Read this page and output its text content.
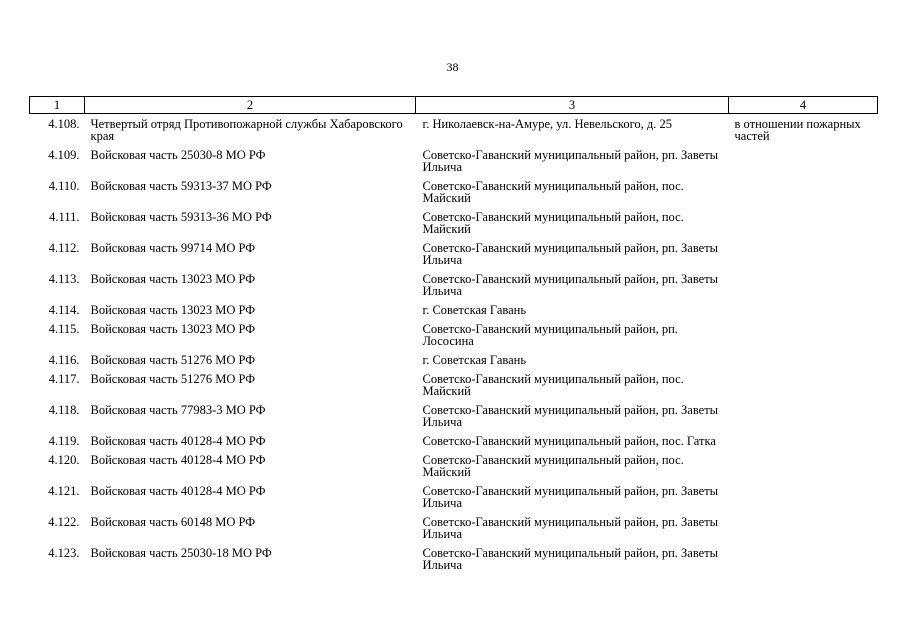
38
1	2	3	4
4.108.	Четвертый отряд Противопожарной службы Хабаровского края	г. Николаевск-на-Амуре, ул. Невельского, д. 25	в отношении пожарных частей
4.109.	Войсковая часть 25030-8 МО РФ	Советско-Гаванский муниципальный район, рп. Заветы Ильича	
4.110.	Войсковая часть 59313-37 МО РФ	Советско-Гаванский муниципальный район, пос. Майский	
4.111.	Войсковая часть 59313-36 МО РФ	Советско-Гаванский муниципальный район, пос. Майский	
4.112.	Войсковая часть 99714 МО РФ	Советско-Гаванский муниципальный район, рп. Заветы Ильича	
4.113.	Войсковая часть 13023 МО РФ	Советско-Гаванский муниципальный район, рп. Заветы Ильича	
4.114.	Войсковая часть 13023 МО РФ	г. Советская Гавань	
4.115.	Войсковая часть 13023 МО РФ	Советско-Гаванский муниципальный район, рп. Лососина	
4.116.	Войсковая часть 51276 МО РФ	г. Советская Гавань	
4.117.	Войсковая часть 51276 МО РФ	Советско-Гаванский муниципальный район, пос. Майский	
4.118.	Войсковая часть 77983-3 МО РФ	Советско-Гаванский муниципальный район, рп. Заветы Ильича	
4.119.	Войсковая часть 40128-4 МО РФ	Советско-Гаванский муниципальный район, пос. Гатка	
4.120.	Войсковая часть 40128-4 МО РФ	Советско-Гаванский муниципальный район, пос. Майский	
4.121.	Войсковая часть 40128-4 МО РФ	Советско-Гаванский муниципальный район, рп. Заветы Ильича	
4.122.	Войсковая часть 60148 МО РФ	Советско-Гаванский муниципальный район, рп. Заветы Ильича	
4.123.	Войсковая часть 25030-18 МО РФ	Советско-Гаванский муниципальный район, рп. Заветы Ильича	
